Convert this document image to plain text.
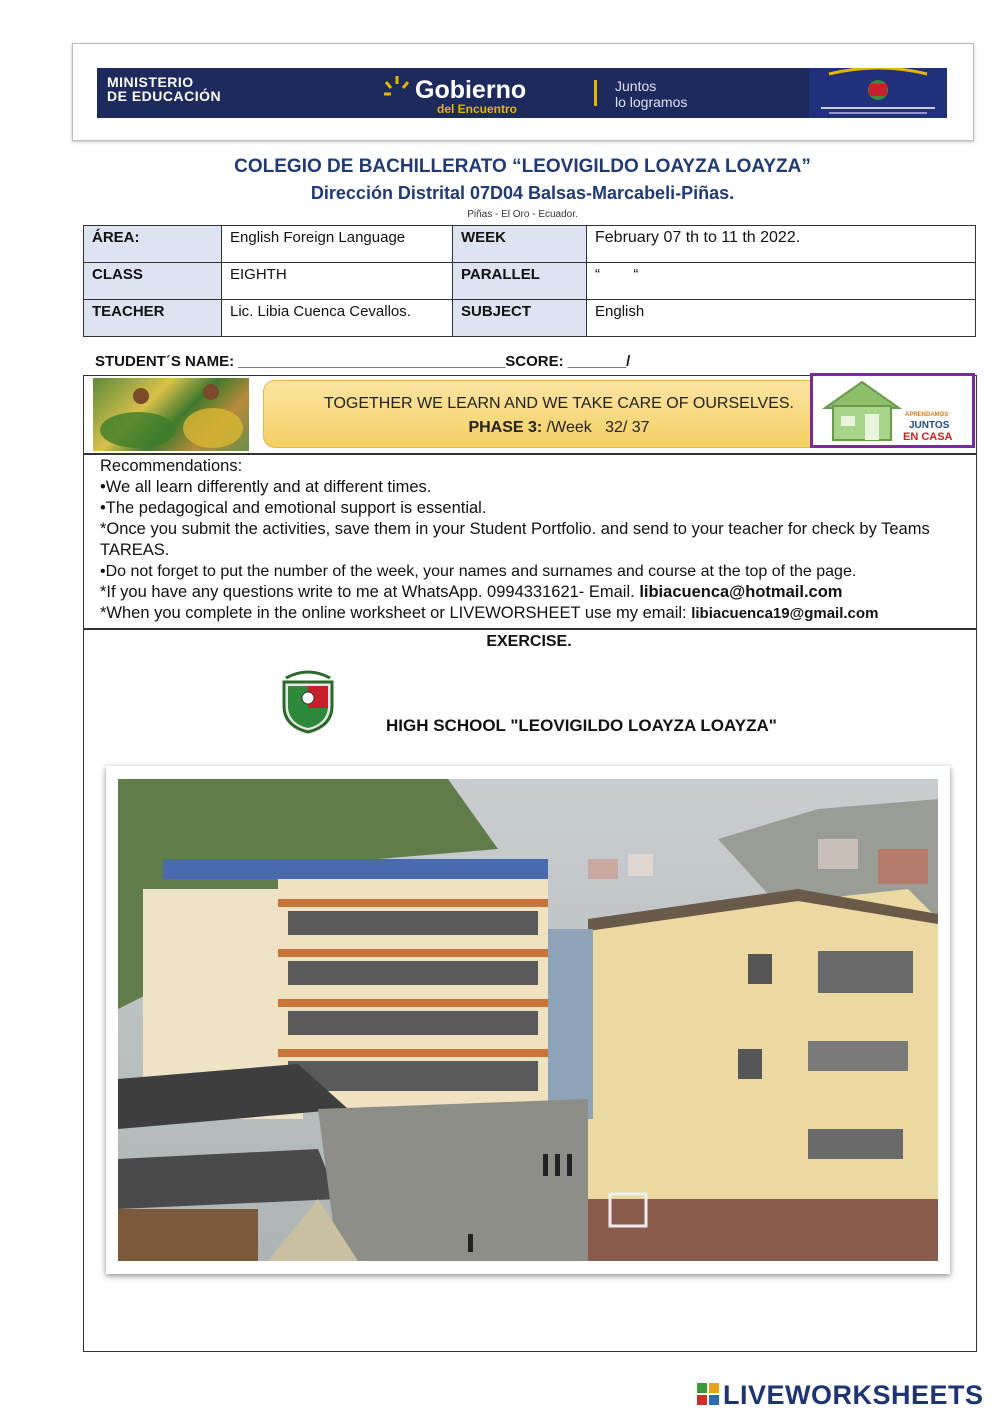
MINISTERIO
DE EDUCACIÓN	Gobierno
del Encuentro
Juntos
lo logramos
COLEGIO DE BACHILLERATO “LEOVIGILDO LOAYZA LOAYZA”
Dirección Distrital 07D04 Balsas-Marcabeli-Piñas.
Piñas - El Oro - Ecuador.
ÁREA:	English Foreign Language	WEEK	February 07 th to 11 th 2022.
CLASS	EIGHTH	PARALLEL	“        “
TEACHER	Lic. Libia Cuenca Cevallos.	SUBJECT	English
STUDENT´S NAME: ________________________________SCORE: _______/
TOGETHER WE LEARN AND WE TAKE CARE OF OURSELVES.
PHASE 3: /Week   32/ 37
APRENDAMOS
JUNTOS
EN CASA

Recommendations:

•We all learn differently and at different times.

•The pedagogical and emotional support is essential.

*Once you submit the activities, save them in your Student Portfolio. and send to your teacher for check by Teams TAREAS.

•Do not forget to put the number of the week, your names and surnames and course at the top of the page.

*If you have any questions write to me at WhatsApp. 0994331621- Email. libiacuenca@hotmail.com

*When you complete in the online worksheet or LIVEWORSHEET use my email: libiacuenca19@gmail.com

EXERCISE.
HIGH SCHOOL "LEOVIGILDO LOAYZA LOAYZA"
LIVEWORKSHEETS
